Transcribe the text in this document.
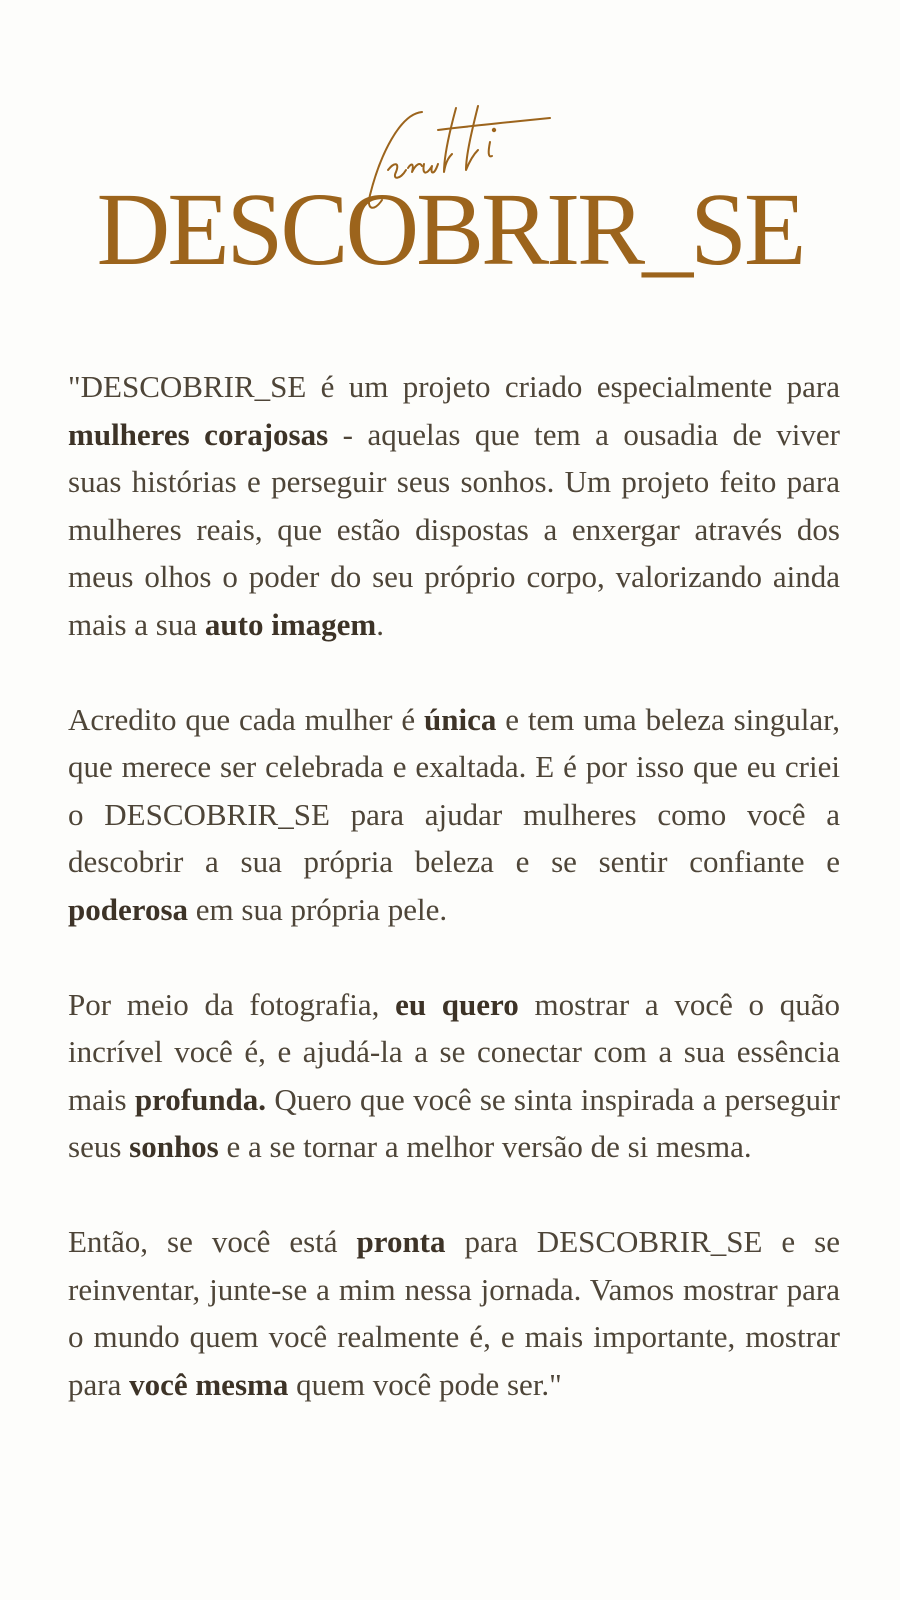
DESCOBRIR_SE

"DESCOBRIR_SE é um projeto criado especialmente para mulheres corajosas - aquelas que tem a ousadia de viver suas histórias e perseguir seus sonhos. Um projeto feito para mulheres reais, que estão dispostas a enxergar através dos meus olhos o poder do seu próprio corpo, valorizando ainda mais a sua auto imagem.

Acredito que cada mulher é única e tem uma beleza singular, que merece ser celebrada e exaltada. E é por isso que eu criei o DESCOBRIR_SE para ajudar mulheres como você a descobrir a sua própria beleza e se sentir confiante e poderosa em sua própria pele.

Por meio da fotografia, eu quero mostrar a você o quão incrível você é, e ajudá-la a se conectar com a sua essência mais profunda. Quero que você se sinta inspirada a perseguir seus sonhos e a se tornar a melhor versão de si mesma.

Então, se você está pronta para DESCOBRIR_SE e se reinventar, junte-se a mim nessa jornada. Vamos mostrar para o mundo quem você realmente é, e mais importante, mostrar para você mesma quem você pode ser."
